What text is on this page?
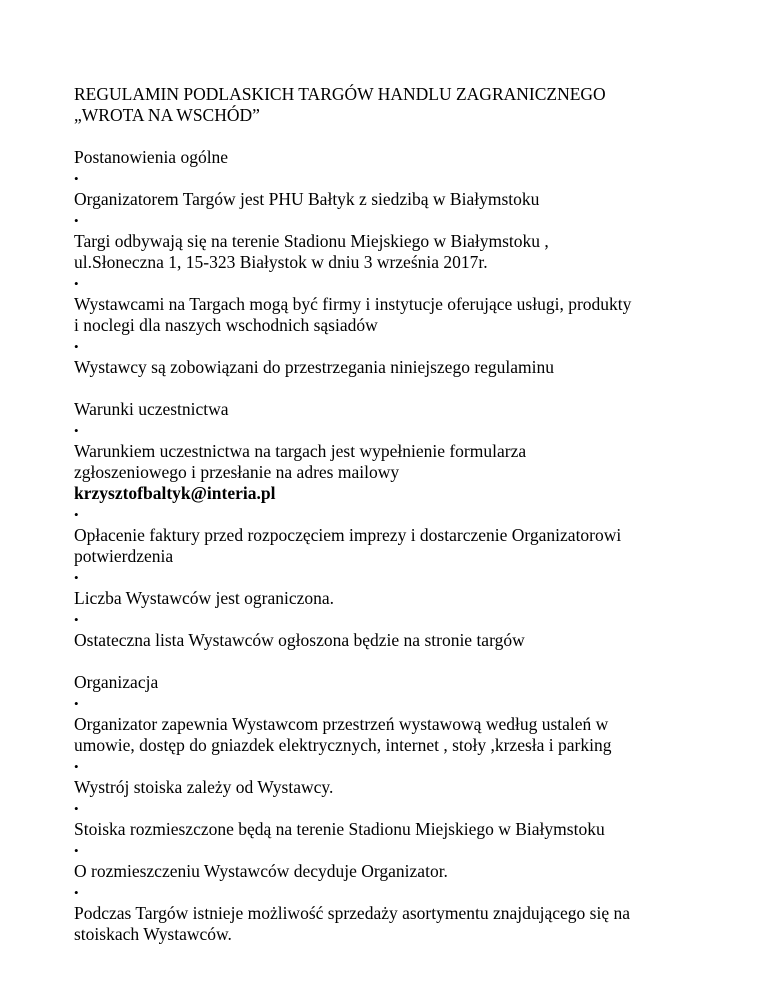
REGULAMIN PODLASKICH TARGÓW HANDLU ZAGRANICZNEGO
„WROTA NA WSCHÓD”
Postanowienia ogólne
•
Organizatorem Targów jest PHU Bałtyk z siedzibą w Białymstoku
•
Targi odbywają się na terenie Stadionu Miejskiego w Białymstoku ,
ul.Słoneczna 1, 15-323 Białystok w dniu 3 września 2017r.
•
Wystawcami na Targach mogą być firmy i instytucje oferujące usługi, produkty
i noclegi dla naszych wschodnich sąsiadów
•
Wystawcy są zobowiązani do przestrzegania niniejszego regulaminu
Warunki uczestnictwa
•
Warunkiem uczestnictwa na targach jest wypełnienie formularza
zgłoszeniowego i przesłanie na adres mailowy
krzysztofbaltyk@interia.pl
•
Opłacenie faktury przed rozpoczęciem imprezy i dostarczenie Organizatorowi
potwierdzenia
•
Liczba Wystawców jest ograniczona.
•
Ostateczna lista Wystawców ogłoszona będzie na stronie targów
Organizacja
•
Organizator zapewnia Wystawcom przestrzeń wystawową według ustaleń w
umowie, dostęp do gniazdek elektrycznych, internet , stoły ,krzesła i parking
•
Wystrój stoiska zależy od Wystawcy.
•
Stoiska rozmieszczone będą na terenie Stadionu Miejskiego w Białymstoku
•
O rozmieszczeniu Wystawców decyduje Organizator.
•
Podczas Targów istnieje możliwość sprzedaży asortymentu znajdującego się na
stoiskach Wystawców.
